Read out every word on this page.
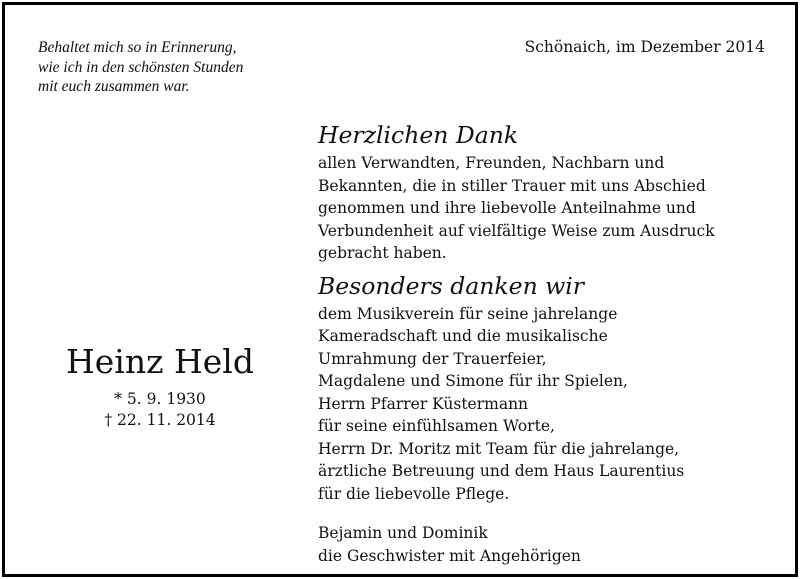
Behaltet mich so in Erinnerung,
wie ich in den schönsten Stunden
mit euch zusammen war.
Schönaich, im Dezember 2014
Heinz Held
* 5. 9. 1930
† 22. 11. 2014
Herzlichen Dank
allen Verwandten, Freunden, Nachbarn und
Bekannten, die in stiller Trauer mit uns Abschied
genommen und ihre liebevolle Anteilnahme und
Verbundenheit auf vielfältige Weise zum Ausdruck
gebracht haben.
Besonders danken wir
dem Musikverein für seine jahrelange
Kameradschaft und die musikalische
Umrahmung der Trauerfeier,
Magdalene und Simone für ihr Spielen,
Herrn Pfarrer Küstermann
für seine einfühlsamen Worte,
Herrn Dr. Moritz mit Team für die jahrelange,
ärztliche Betreuung und dem Haus Laurentius
für die liebevolle Pflege.
Bejamin und Dominik
die Geschwister mit Angehörigen
